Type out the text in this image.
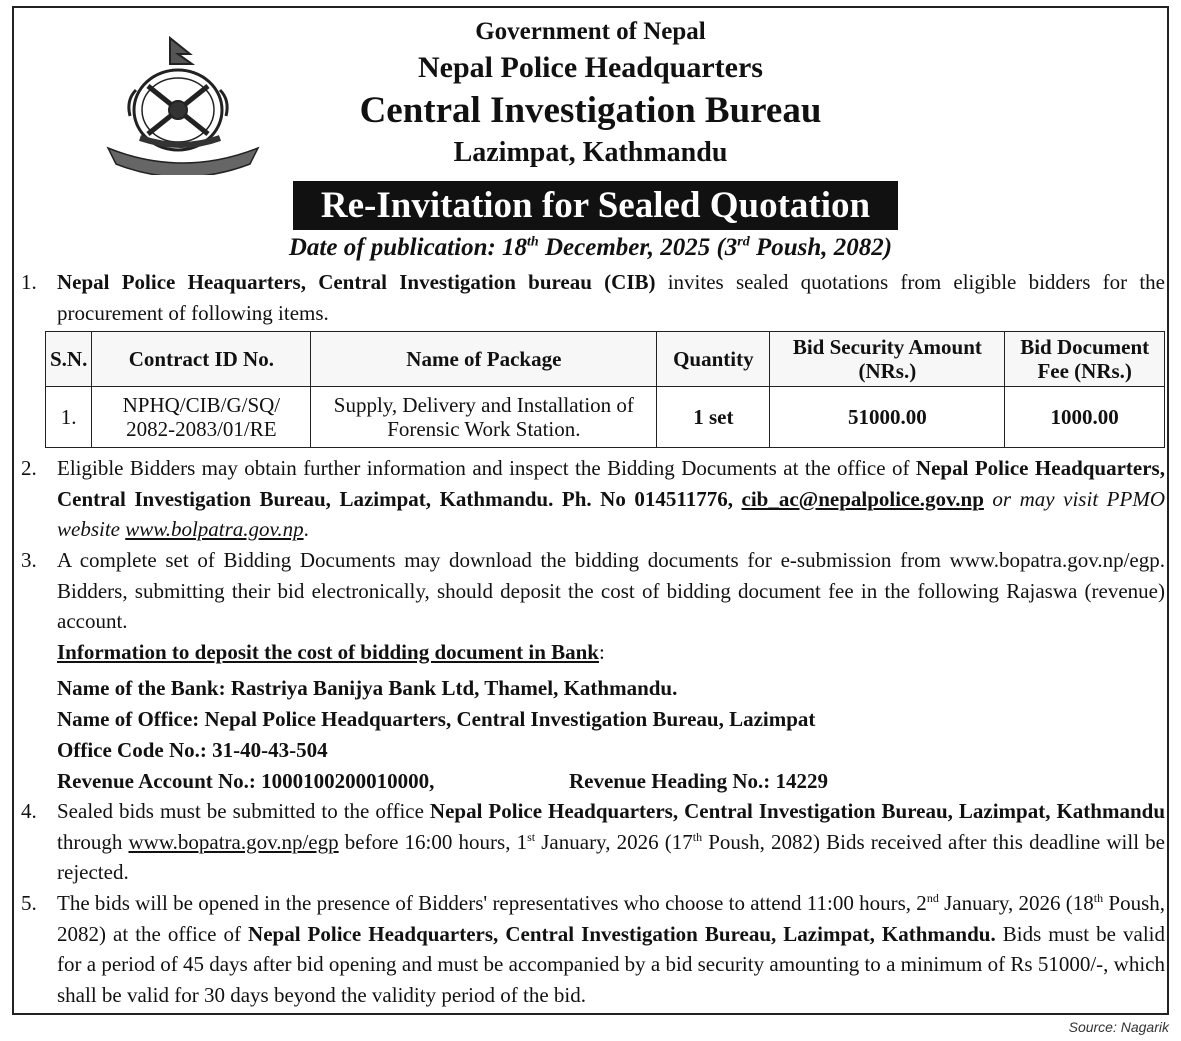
Government of Nepal
Nepal Police Headquarters
Central Investigation Bureau
Lazimpat, Kathmandu
Re-Invitation for Sealed Quotation
Date of publication: 18th December, 2025 (3rd Poush, 2082)
1. Nepal Police Heaquarters, Central Investigation bureau (CIB) invites sealed quotations from eligible bidders for the procurement of following items.
S.N.	Contract ID No.	Name of Package	Quantity	Bid Security Amount (NRs.)	Bid Document Fee (NRs.)
1.	NPHQ/CIB/G/SQ/ 2082-2083/01/RE	Supply, Delivery and Installation of Forensic Work Station.	1 set	51000.00	1000.00
2. Eligible Bidders may obtain further information and inspect the Bidding Documents at the office of Nepal Police Headquarters, Central Investigation Bureau, Lazimpat, Kathmandu. Ph. No 014511776, cib_ac@nepalpolice.gov.np or may visit PPMO website www.bolpatra.gov.np.
3. A complete set of Bidding Documents may download the bidding documents for e-submission from www.bopatra.gov.np/egp. Bidders, submitting their bid electronically, should deposit the cost of bidding document fee in the following Rajaswa (revenue) account.
Information to deposit the cost of bidding document in Bank:
Name of the Bank: Rastriya Banijya Bank Ltd, Thamel, Kathmandu.
Name of Office: Nepal Police Headquarters, Central Investigation Bureau, Lazimpat
Office Code No.: 31-40-43-504
Revenue Account No.: 1000100200010000,	Revenue Heading No.: 14229
4. Sealed bids must be submitted to the office Nepal Police Headquarters, Central Investigation Bureau, Lazimpat, Kathmandu through www.bopatra.gov.np/egp before 16:00 hours, 1st January, 2026 (17th Poush, 2082) Bids received after this deadline will be rejected.
5. The bids will be opened in the presence of Bidders' representatives who choose to attend 11:00 hours, 2nd January, 2026 (18th Poush, 2082) at the office of Nepal Police Headquarters, Central Investigation Bureau, Lazimpat, Kathmandu. Bids must be valid for a period of 45 days after bid opening and must be accompanied by a bid security amounting to a minimum of Rs 51000/-, which shall be valid for 30 days beyond the validity period of the bid.
Source: Nagarik
